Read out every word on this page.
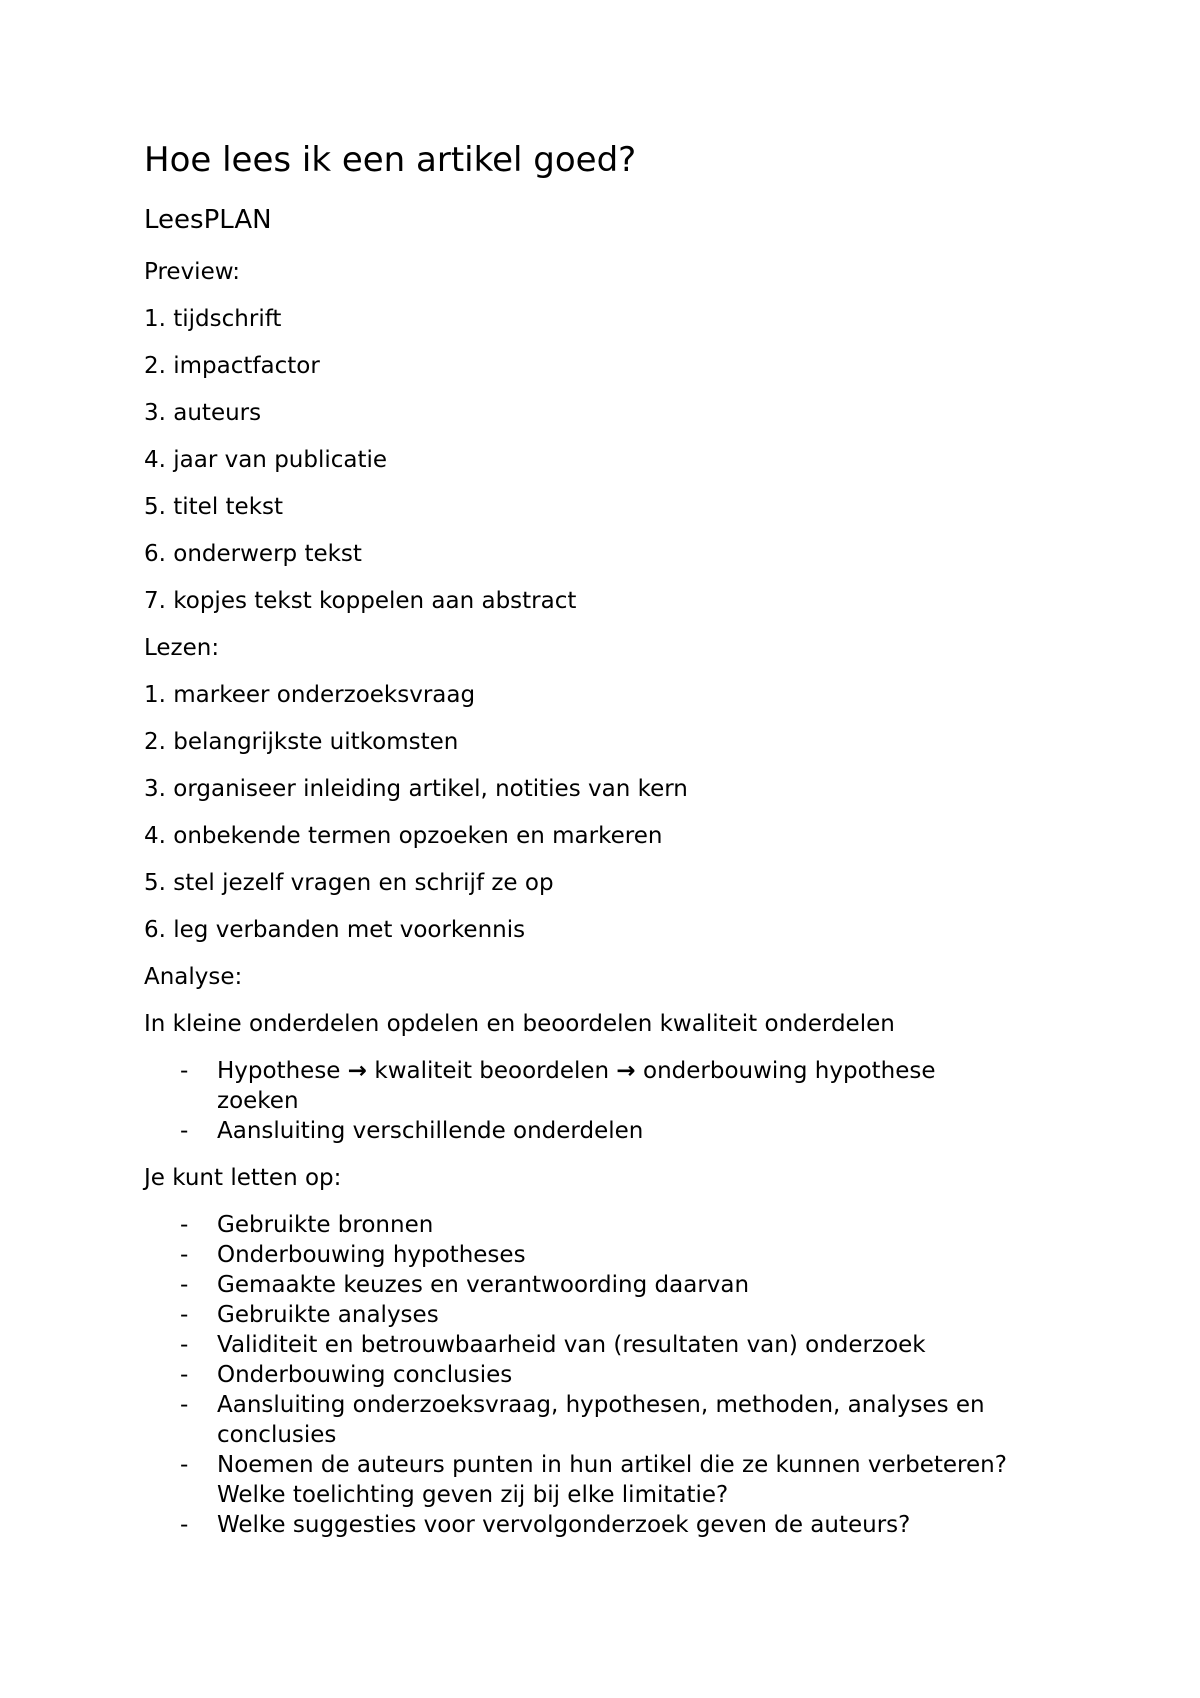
Hoe lees ik een artikel goed?
LeesPLAN
Preview:
1. tijdschrift
2. impactfactor
3. auteurs
4. jaar van publicatie
5. titel tekst
6. onderwerp tekst
7. kopjes tekst koppelen aan abstract
Lezen:
1. markeer onderzoeksvraag
2. belangrijkste uitkomsten
3. organiseer inleiding artikel, notities van kern
4. onbekende termen opzoeken en markeren
5. stel jezelf vragen en schrijf ze op
6. leg verbanden met voorkennis
Analyse:
In kleine onderdelen opdelen en beoordelen kwaliteit onderdelen
- Hypothese → kwaliteit beoordelen → onderbouwing hypothese
zoeken
- Aansluiting verschillende onderdelen
Je kunt letten op:
- Gebruikte bronnen
- Onderbouwing hypotheses
- Gemaakte keuzes en verantwoording daarvan
- Gebruikte analyses
- Validiteit en betrouwbaarheid van (resultaten van) onderzoek
- Onderbouwing conclusies
- Aansluiting onderzoeksvraag, hypothesen, methoden, analyses en
conclusies
- Noemen de auteurs punten in hun artikel die ze kunnen verbeteren?
Welke toelichting geven zij bij elke limitatie?
- Welke suggesties voor vervolgonderzoek geven de auteurs?
